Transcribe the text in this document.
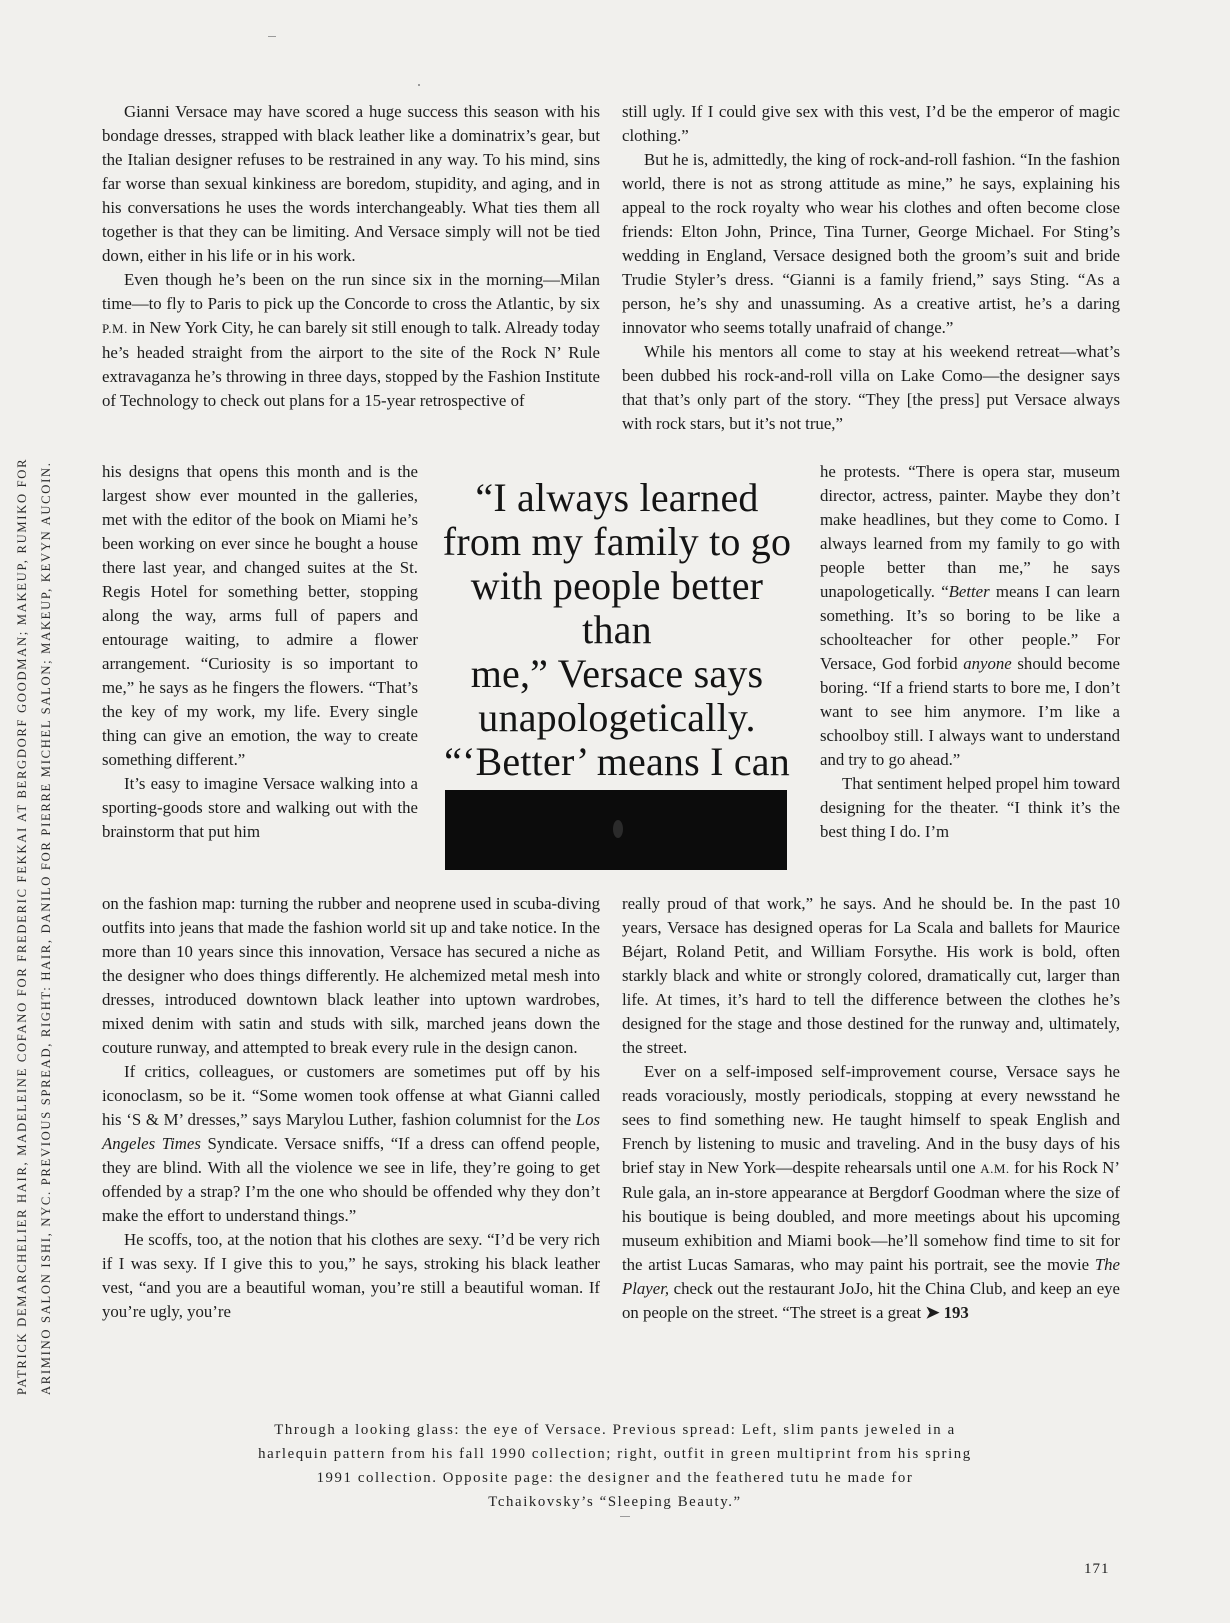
PATRICK DEMARCHELIER HAIR, MADELEINE COFANO FOR FREDERIC FEKKAI AT BERGDORF GOODMAN; MAKEUP, RUMIKO FOR ARIMINO SALON ISHI, NYC. PREVIOUS SPREAD, RIGHT: HAIR, DANILO FOR PIERRE MICHEL SALON; MAKEUP, KEVYN AUCOIN.

Gianni Versace may have scored a huge success this season with his bondage dresses, strapped with black leather like a dominatrix’s gear, but the Italian designer refuses to be restrained in any way. To his mind, sins far worse than sexual kinkiness are boredom, stupidity, and aging, and in his conversations he uses the words interchangeably. What ties them all together is that they can be limiting. And Versace simply will not be tied down, either in his life or in his work.

Even though he’s been on the run since six in the morning—Milan time—to fly to Paris to pick up the Concorde to cross the Atlantic, by six P.M. in New York City, he can barely sit still enough to talk. Already today he’s headed straight from the airport to the site of the Rock N’ Rule extravaganza he’s throwing in three days, stopped by the Fashion Institute of Technology to check out plans for a 15-year retrospective of

his designs that opens this month and is the largest show ever mounted in the galleries, met with the editor of the book on Miami he’s been working on ever since he bought a house there last year, and changed suites at the St. Regis Hotel for something better, stopping along the way, arms full of papers and entourage waiting, to admire a flower arrangement. “Curiosity is so important to me,” he says as he fingers the flowers. “That’s the key of my work, my life. Every single thing can give an emotion, the way to create something different.”

It’s easy to imagine Versace walking into a sporting-goods store and walking out with the brainstorm that put him

on the fashion map: turning the rubber and neoprene used in scuba-diving outfits into jeans that made the fashion world sit up and take notice. In the more than 10 years since this innovation, Versace has secured a niche as the designer who does things differently. He alchemized metal mesh into dresses, introduced downtown black leather into uptown wardrobes, mixed denim with satin and studs with silk, marched jeans down the couture runway, and attempted to break every rule in the design canon.

If critics, colleagues, or customers are sometimes put off by his iconoclasm, so be it. “Some women took offense at what Gianni called his ‘S & M’ dresses,” says Marylou Luther, fashion columnist for the Los Angeles Times Syndicate. Versace sniffs, “If a dress can offend people, they are blind. With all the violence we see in life, they’re going to get offended by a strap? I’m the one who should be offended why they don’t make the effort to understand things.”

He scoffs, too, at the notion that his clothes are sexy. “I’d be very rich if I was sexy. If I give this to you,” he says, stroking his black leather vest, “and you are a beautiful woman, you’re still a beautiful woman. If you’re ugly, you’re

still ugly. If I could give sex with this vest, I’d be the emperor of magic clothing.”

But he is, admittedly, the king of rock-and-roll fashion. “In the fashion world, there is not as strong attitude as mine,” he says, explaining his appeal to the rock royalty who wear his clothes and often become close friends: Elton John, Prince, Tina Turner, George Michael. For Sting’s wedding in England, Versace designed both the groom’s suit and bride Trudie Styler’s dress. “Gianni is a family friend,” says Sting. “As a person, he’s shy and unassuming. As a creative artist, he’s a daring innovator who seems totally unafraid of change.”

While his mentors all come to stay at his weekend retreat—what’s been dubbed his rock-and-roll villa on Lake Como—the designer says that that’s only part of the story. “They [the press] put Versace always with rock stars, but it’s not true,”

he protests. “There is opera star, museum director, actress, painter. Maybe they don’t make headlines, but they come to Como. I always learned from my family to go with people better than me,” he says unapologetically. “Better means I can learn something. It’s so boring to be like a schoolteacher for other people.” For Versace, God forbid anyone should become boring. “If a friend starts to bore me, I don’t want to see him anymore. I’m like a schoolboy still. I always want to understand and try to go ahead.”

That sentiment helped propel him toward designing for the theater. “I think it’s the best thing I do. I’m

really proud of that work,” he says. And he should be. In the past 10 years, Versace has designed operas for La Scala and ballets for Maurice Béjart, Roland Petit, and William Forsythe. His work is bold, often starkly black and white or strongly colored, dramatically cut, larger than life. At times, it’s hard to tell the difference between the clothes he’s designed for the stage and those destined for the runway and, ultimately, the street.

Ever on a self-imposed self-improvement course, Versace says he reads voraciously, mostly periodicals, stopping at every newsstand he sees to find something new. He taught himself to speak English and French by listening to music and traveling. And in the busy days of his brief stay in New York—despite rehearsals until one A.M. for his Rock N’ Rule gala, an in-store appearance at Bergdorf Goodman where the size of his boutique is being doubled, and more meetings about his upcoming museum exhibition and Miami book—he’ll somehow find time to sit for the artist Lucas Samaras, who may paint his portrait, see the movie The Player, check out the restaurant JoJo, hit the China Club, and keep an eye on people on the street. “The street is a great ➤ 193

“I always learned
from my family to go
with people better than
me,” Versace says
unapologetically.
“‘Better’ means I can
Through a looking glass: the eye of Versace. Previous spread: Left, slim pants jeweled in a
harlequin pattern from his fall 1990 collection; right, outfit in green multiprint from his spring
1991 collection. Opposite page: the designer and the feathered tutu he made for
Tchaikovsky’s “Sleeping Beauty.”
171
